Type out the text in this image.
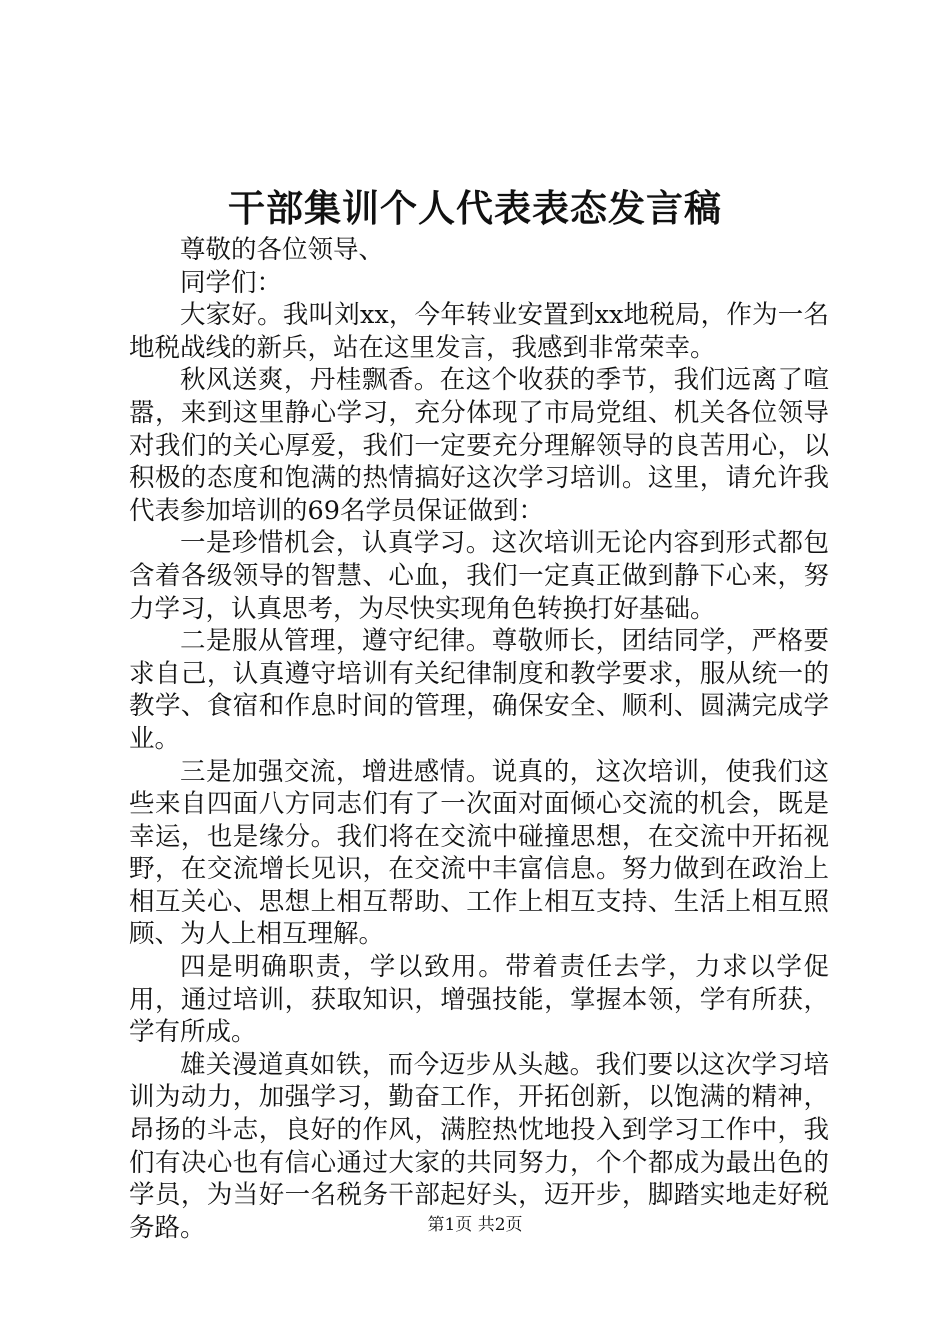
干部集训个人代表表态发言稿

尊敬的各位领导、

同学们：

大家好。我叫刘xx，今年转业安置到xx地税局，作为一名地税战线的新兵，站在这里发言，我感到非常荣幸。

秋风送爽，丹桂飘香。在这个收获的季节，我们远离了喧嚣，来到这里静心学习，充分体现了市局党组、机关各位领导对我们的关心厚爱，我们一定要充分理解领导的良苦用心，以积极的态度和饱满的热情搞好这次学习培训。这里，请允许我代表参加培训的69名学员保证做到：

一是珍惜机会，认真学习。这次培训无论内容到形式都包含着各级领导的智慧、心血，我们一定真正做到静下心来，努力学习，认真思考，为尽快实现角色转换打好基础。

二是服从管理，遵守纪律。尊敬师长，团结同学，严格要求自己，认真遵守培训有关纪律制度和教学要求，服从统一的教学、食宿和作息时间的管理，确保安全、顺利、圆满完成学业。

三是加强交流，增进感情。说真的，这次培训，使我们这些来自四面八方同志们有了一次面对面倾心交流的机会，既是幸运，也是缘分。我们将在交流中碰撞思想，在交流中开拓视野，在交流增长见识，在交流中丰富信息。努力做到在政治上相互关心、思想上相互帮助、工作上相互支持、生活上相互照顾、为人上相互理解。

四是明确职责，学以致用。带着责任去学，力求以学促用，通过培训，获取知识，增强技能，掌握本领，学有所获，学有所成。

雄关漫道真如铁，而今迈步从头越。我们要以这次学习培训为动力，加强学习，勤奋工作，开拓创新，以饱满的精神，昂扬的斗志，良好的作风，满腔热忱地投入到学习工作中，我们有决心也有信心通过大家的共同努力，个个都成为最出色的学员，为当好一名税务干部起好头，迈开步，脚踏实地走好税务路。	第1页 共2页
